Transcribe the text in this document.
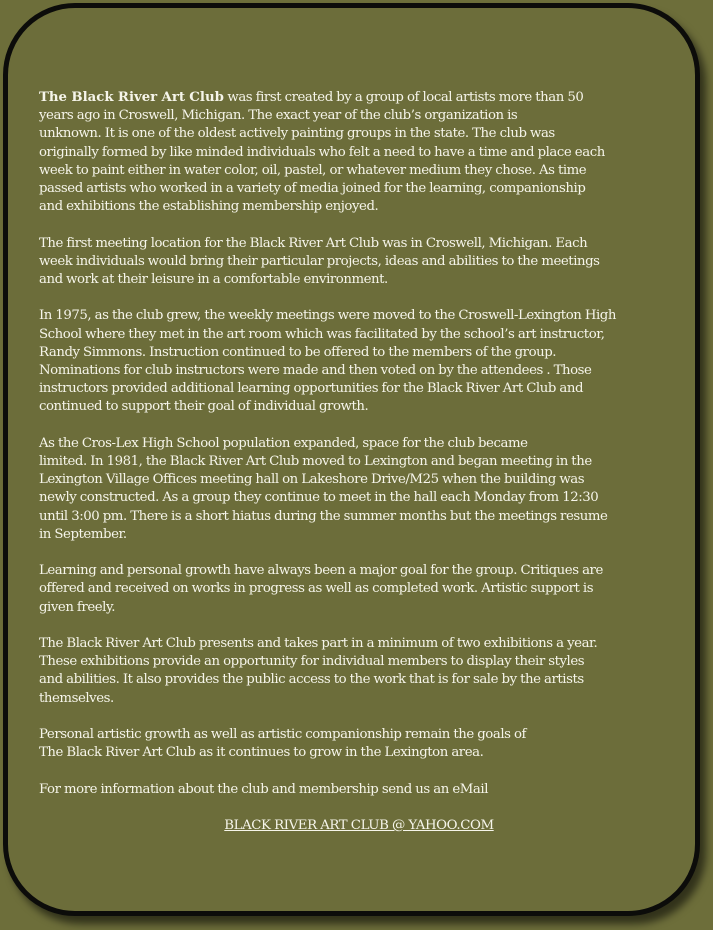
The Black River Art Club was first created by a group of local artists more than 50
years ago in Croswell, Michigan. The exact year of the club’s organization is
unknown. It is one of the oldest actively painting groups in the state. The club was
originally formed by like minded individuals who felt a need to have a time and place each
week to paint either in water color, oil, pastel, or whatever medium they chose. As time
passed artists who worked in a variety of media joined for the learning, companionship
and exhibitions the establishing membership enjoyed.

The first meeting location for the Black River Art Club was in Croswell, Michigan. Each
week individuals would bring their particular projects, ideas and abilities to the meetings
and work at their leisure in a comfortable environment.

In 1975, as the club grew, the weekly meetings were moved to the Croswell-Lexington High
School where they met in the art room which was facilitated by the school’s art instructor,
Randy Simmons. Instruction continued to be offered to the members of the group.
Nominations for club instructors were made and then voted on by the attendees . Those
instructors provided additional learning opportunities for the Black River Art Club and
continued to support their goal of individual growth.

As the Cros-Lex High School population expanded, space for the club became
limited. In 1981, the Black River Art Club moved to Lexington and began meeting in the
Lexington Village Offices meeting hall on Lakeshore Drive/M25 when the building was
newly constructed. As a group they continue to meet in the hall each Monday from 12:30
until 3:00 pm. There is a short hiatus during the summer months but the meetings resume
in September.

Learning and personal growth have always been a major goal for the group. Critiques are
offered and received on works in progress as well as completed work. Artistic support is
given freely.

The Black River Art Club presents and takes part in a minimum of two exhibitions a year.
These exhibitions provide an opportunity for individual members to display their styles
and abilities. It also provides the public access to the work that is for sale by the artists
themselves.

Personal artistic growth as well as artistic companionship remain the goals of
The Black River Art Club as it continues to grow in the Lexington area.

For more information about the club and membership send us an eMail

BLACK RIVER ART CLUB @ YAHOO.COM
